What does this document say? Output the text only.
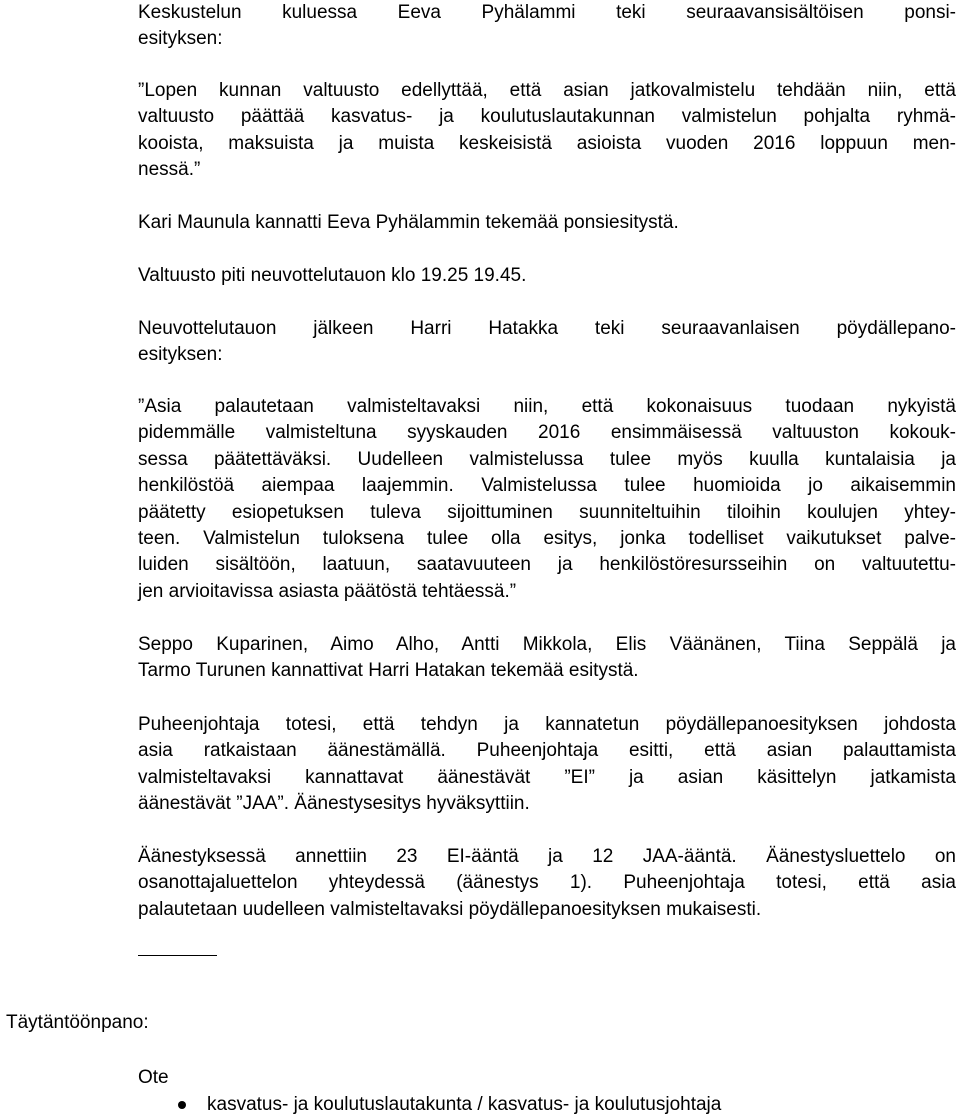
Keskustelun kuluessa Eeva Pyhälammi teki seuraavansisältöisen ponsi-
esityksen:
”Lopen kunnan valtuusto edellyttää, että asian jatkovalmistelu tehdään niin, että
valtuusto päättää kasvatus- ja koulutuslautakunnan valmistelun pohjalta ryhmä-
kooista, maksuista ja muista keskeisistä asioista vuoden 2016 loppuun men-
nessä.”
Kari Maunula kannatti Eeva Pyhälammin tekemää ponsiesitystä.
Valtuusto piti neuvottelutauon klo 19.25 19.45.
Neuvottelutauon jälkeen Harri Hatakka teki seuraavanlaisen pöydällepano-
esityksen:
”Asia palautetaan valmisteltavaksi niin, että kokonaisuus tuodaan nykyistä
pidemmälle valmisteltuna syyskauden 2016 ensimmäisessä valtuuston kokouk-
sessa päätettäväksi. Uudelleen valmistelussa tulee myös kuulla kuntalaisia ja
henkilöstöä aiempaa laajemmin. Valmistelussa tulee huomioida jo aikaisemmin
päätetty esiopetuksen tuleva sijoittuminen suunniteltuihin tiloihin koulujen yhtey-
teen. Valmistelun tuloksena tulee olla esitys, jonka todelliset vaikutukset palve-
luiden sisältöön, laatuun, saatavuuteen ja henkilöstöresursseihin on valtuutettu-
jen arvioitavissa asiasta päätöstä tehtäessä.”
Seppo Kuparinen, Aimo Alho, Antti Mikkola, Elis Väänänen, Tiina Seppälä ja
Tarmo Turunen kannattivat Harri Hatakan tekemää esitystä.
Puheenjohtaja totesi, että tehdyn ja kannatetun pöydällepanoesityksen johdosta
asia ratkaistaan äänestämällä. Puheenjohtaja esitti, että asian palauttamista
valmisteltavaksi kannattavat äänestävät ”EI” ja asian käsittelyn jatkamista
äänestävät ”JAA”. Äänestysesitys hyväksyttiin.
Äänestyksessä annettiin 23 EI-ääntä ja 12 JAA-ääntä. Äänestysluettelo on
osanottajaluettelon yhteydessä (äänestys 1). Puheenjohtaja totesi, että asia
palautetaan uudelleen valmisteltavaksi pöydällepanoesityksen mukaisesti.
Täytäntöönpano:
Ote
kasvatus- ja koulutuslautakunta / kasvatus- ja koulutusjohtaja
